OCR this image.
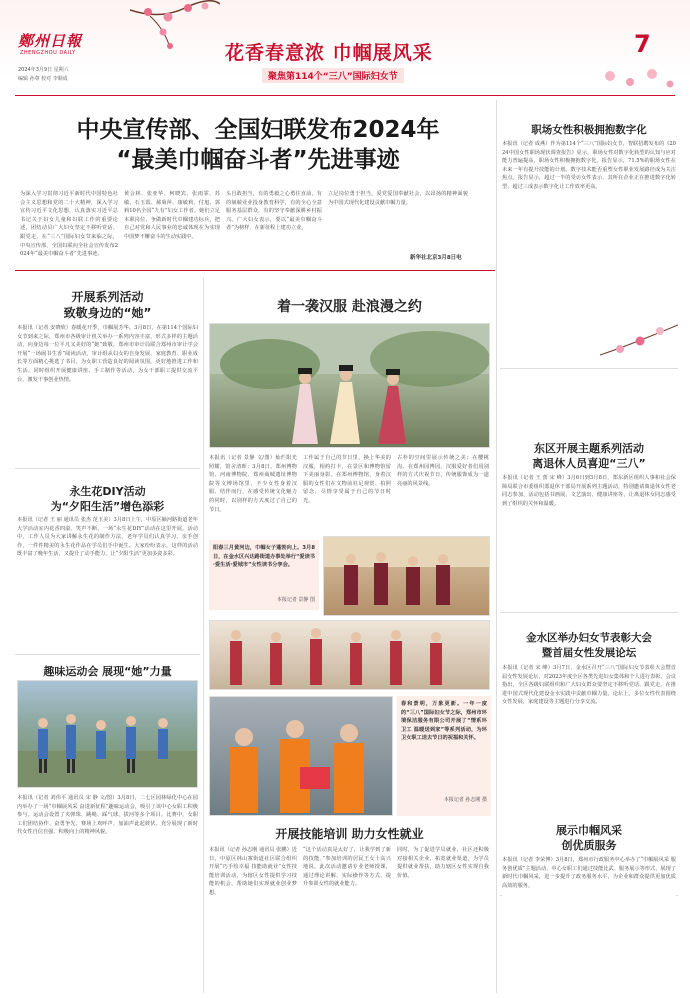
鄭州日報
ZHENGZHOU DAILY
2024年3月9日 星期六
编辑 孙尊 校对 李顺成
花香春意浓 巾帼展风采
聚焦第114个“三八”国际妇女节
7
中央宣传部、全国妇联发布2024年
“最美巾帼奋斗者”先进事迹
为深入学习贯彻习近平新时代中国特色社会主义思想和党的二十大精神，深入学习宣传习近平文化思想，认真落实习近平总书记关于妇女儿童和妇联工作的重要论述，团结动员广大妇女坚定不移听党话、跟党走，在“三八”国际妇女节来临之际，中央宣传部、全国妇联向全社会宣传发布2024年“最美巾帼奋斗者”先进事迹。
黄会林、张亚华、柯晓宾、张雨霏、苏敏、石玉霞、郝菊萍、康敏莉、付旭、郭莉10名全国“九有”妇女工作者。她们立足本职岗位，争做新时代巾帼建功标兵，把自己对党和人民事业的忠诚体现在为实现中国梦不懈奋斗的生动实践中。
头自敢担当，有的勇毅之心勇往直前，有的兢兢业业投身教育科学，有的全心全意服务基层群众，有的坚守奉献深耕乡村振兴。广大妇女表示，要以“最美巾帼奋斗者”为榜样，在新征程上建功立业。
立足岗位勇于担当，爱党爱国奉献社会，以昂扬的精神面貌为中国式现代化建设贡献巾帼力量。
新华社北京3月8日电
开展系列活动
致敬身边的“她”
本报讯（记者 安晓欣）春暖花开季，巾帼展芳华。3月8日，在第114个国际妇女节到来之际，郑州市各级审计机关举办一系列内容丰富、形式多样的主题活动，向身边每一位平凡又美好的“她”致敬。郑州市审计局联合郑州市审计学会开展“一场闹书生香”阅读活动，审计组从妇女的自身发展、家庭教育、职业成长等方面精心挑选了书目，为女职工营造良好的阅读氛围，更好地推进工作和生活。同时组织开展健康讲座、手工制作等活动，为女干部职工提供交流平台，激发干事创业热情。
永生花DIY活动
为“夕阳生活”增色添彩
本报讯（记者 王 丽 通讯员 张杰 范玉美）3月8日上午，中原区颍河路街道老年大学活动室内花香四溢、笑声不断，一场“永生花DIY”活动在这里开展。活动中，工作人员为大家讲解永生花的制作方法，老年学员们认真学习、亲手创作，一件件精美的永生花作品在学员们手中诞生。大家纷纷表示，这样的活动既丰富了晚年生活，又提升了动手能力，让“夕阳生活”更加多姿多彩。
趣味运动会 展现“她”力量
本报讯（记者 刘伟平 通讯员 宋 静 文/图）3月8日，二七区园林绿化中心在园内举办了一场“巾帼展风采 奋进新征程”趣味运动会，吸引了该中心女职工积极参与。运动会设置了夹弹珠、跳绳、踩气球、拔河等多个项目。比赛中，女职工们团结协作、奋勇争先，赛场上欢呼声、加油声此起彼伏，充分展现了新时代女性自信自强、积极向上的精神风貌。
着一袭汉服 赴浪漫之约
本报讯（记者 景静 文/图）灿烂阳光照耀，馆舍清晖；3月8日，郑州博物馆、河南博物院、郑州商城遗址博物院等文博场馆里，不少女性身着汉服、结伴而行，在感受传统文化魅力的同时，以别样的方式度过了自己的节日。
工作属于自己的节日里，换上华美的汉服，相约打卡，在景区和博物馆留下美丽身影。在郑州博物馆，身着汉服的女性们在文物前驻足观赏、拍照留念，尽情享受属于自己的节日时光。
古朴的空间里展示传统之美；在樱桃沟、在郑州园博园，汉服爱好者们用别样的方式庆祝节日，传统服饰成为一道亮丽的风景线。
阳春三月黄河边，巾帼女子蓬勃向上。3月8日，在金水区兴达路街道办事处举行“爱读书·爱生活·爱城市”女性读书分享会。
本报记者 景静 图
春和景明，万象更新。一年一度的“三八”国际妇女节之际，郑州市环境保洁服务有限公司开展了“情系环卫工 温暖送到家”等系列活动，为环卫女职工送去节日的祝福和关怀。
本报记者 孙志刚 摄
开展技能培训 助力女性就业
本报讯（记者 孙志刚 通讯员 张鹏）近日，中原区林山寨街道社区联合组织开展“巧手绘幸福 技能助就业”女性技能培训活动，为辖区女性提供学习技能的机会，帮助她们实现就业创业梦想。
“这个活动真是太好了，让我学到了新的技能。”参加培训的居民王女士高兴地说。此次活动邀请专业老师授课，通过理论讲解、实际操作等方式，提升参训女性的就业能力。
同时，为了促进学员就业，社区还积极对接相关企业，拓宽就业渠道，为学员提供就业帮扶，助力辖区女性实现自我价值。
职场女性积极拥抱数字化
本报讯（记者 成燕）作为第114个“三八”国际妇女节，智联招聘发布的《2024中国女性职场现状调查报告》显示，职场女性对数字化转型的认知与应对能力普遍提高，职场女性积极拥抱数字化。报告显示，71.5%的职场女性在未来一年有提升技能的计划。数字技术能否重塑女性职业发展路径成为关注焦点。报告显示，超过一半的受访女性表示，其所在企业正在推进数字化转型，超过三成表示数字化让工作效率更高。
东区开展主题系列活动
离退休人员喜迎“三八”
本报讯（记者 王 蕾 宋 峰）3月6日到3月8日，郑东新区组织人事和社会保障局联合市委组织部退休干部局开展系列主题活动，特别邀请离退休女性老同志参加，活动包括书画展、文艺演出、健康讲座等，让离退休女同志感受到了组织的关怀和温暖。
金水区举办妇女节表彰大会
暨首届女性发展论坛
本报讯（记者 宋 峰）3月7日，金水区召开“三八”国际妇女节表彰大会暨首届女性发展论坛，对2023年度全区各类先进妇女集体和个人进行表彰。会议指出，全区各级妇联组织和广大妇女群众要坚定不移听党话、跟党走，在推进中国式现代化建设金水实践中贡献巾帼力量。论坛上，多位女性代表围绕女性发展、家庭建设等主题进行分享交流。
展示巾帼风采
创优质服务
本报讯（记者 李荣博）3月8日，郑州市行政服务中心举办了“巾帼展风采 服务创优质”主题活动，中心女职工们通过技能比武、服务展示等形式，展现了新时代巾帼风采，进一步提升了政务服务水平，为企业和群众提供更加优质高效的服务。
